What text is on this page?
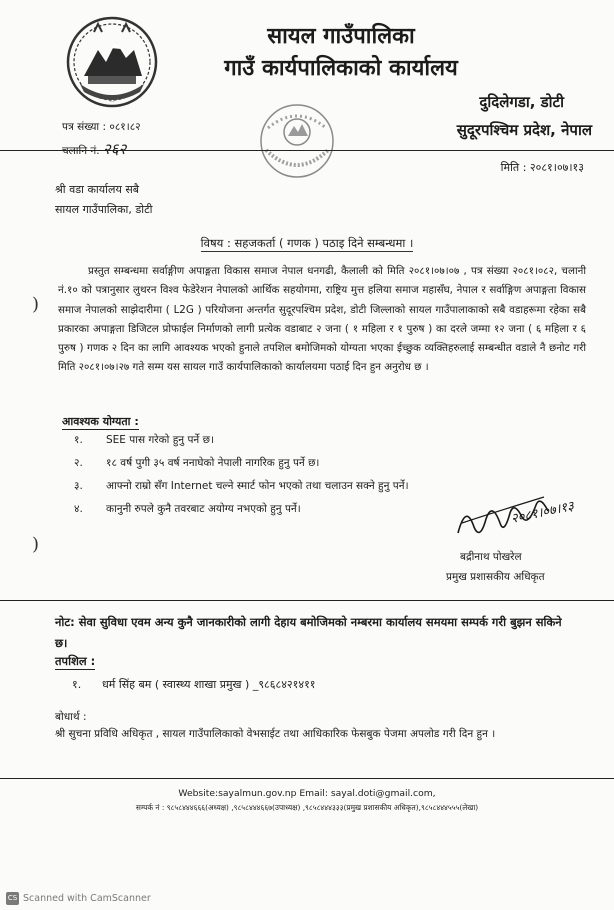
...
सायल गाउँपालिका
गाउँ कार्यपालिकाको कार्यालय
दुदिलेगडा, डोटी
सुदूरपश्चिम प्रदेश, नेपाल
पत्र संख्या : ०८१।८२
चलानि नं. २६२
मिति : २०८१।०७।१३
श्री वडा कार्यालय सबै
सायल गाउँपालिका, डोटी
विषय : सहजकर्ता ( गणक ) पठाइ दिने सम्बन्धमा ।
)
प्रस्तुत सम्बन्धमा सर्वाङ्गीण अपाङ्गता विकास समाज नेपाल धनगढी, कैलाली को मिति २०८१।०७।०७ , पत्र संख्या २०८१।०८२, चलानी नं.१० को पत्रानुसार लुथरन विश्व फेडेरेशन नेपालको आर्थिक सहयोगमा, राष्ट्रिय मुत्त हलिया समाज महासँघ, नेपाल र सर्वाङ्गिण अपाङ्गता विकास समाज नेपालको साझेदारीमा ( L2G ) परियोजना अन्तर्गत सुदूरपश्चिम प्रदेश, डोटी जिल्लाको सायल गाउँपालाकाको सबै वडाहरूमा रहेका सबै प्रकारका अपाङ्गता डिजिटल प्रोफाईल निर्माणको लागी प्रत्येक वडाबाट २ जना ( १ महिला र १ पुरुष ) का दरले जम्मा १२ जना ( ६ महिला र ६ पुरुष ) गणक २ दिन का लागि आवश्यक भएको हुनाले तपशिल बमोजिमको योग्यता भएका ईच्छुक व्यक्तिहरुलाई सम्बन्धीत वडाले नै छनोट गरी मिति २०८१।०७।२७ गते सम्म यस सायल गाउँ कार्यपालिकाको कार्यालयमा पठाई दिन हुन अनुरोध छ ।
आवश्यक योग्यता :
१. SEE पास गरेको हुनु पर्ने छ।
२. १८ वर्ष पुगी ३५ वर्ष ननाघेको नेपाली नागरिक हुनु पर्ने छ।
३. आफ्नो राम्रो सँग Internet चल्ने स्मार्ट फोन भएको तथा चलाउन सक्ने हुनु पर्ने।
४. कानुनी रुपले कुनै तवरबाट अयोग्य नभएको हुनु पर्ने।
)
२०८१।०७।१३
बद्रीनाथ पोखरेल
प्रमुख प्रशासकीय अधिकृत
नोट: सेवा सुविधा एवम अन्य कुनै जानकारीको लागी देहाय बमोजिमको नम्बरमा कार्यालय समयमा सम्पर्क गरी बुझन सकिने छ।
तपशिल :
१. धर्म सिंह बम ( स्वास्थ्य शाखा प्रमुख ) _९८६८४२१४११
बोधार्थ :
श्री सुचना प्रविधि अधिकृत , सायल गाउँपालिकाको वेभसाईट तथा आधिकारिक फेसबुक पेजमा अपलोड गरी दिन हुन ।
Website:sayalmun.gov.np Email: sayal.doti@gmail.com,
सम्पर्क नं : ९८५८४४४६६६(अध्यक्ष) ,९८५८४४४६६७(उपाध्यक्ष) ,९८५८४४४३३३(प्रमुख प्रशासकीय अधिकृत),९८५८४४४५५५(लेखा)
CS Scanned with CamScanner
